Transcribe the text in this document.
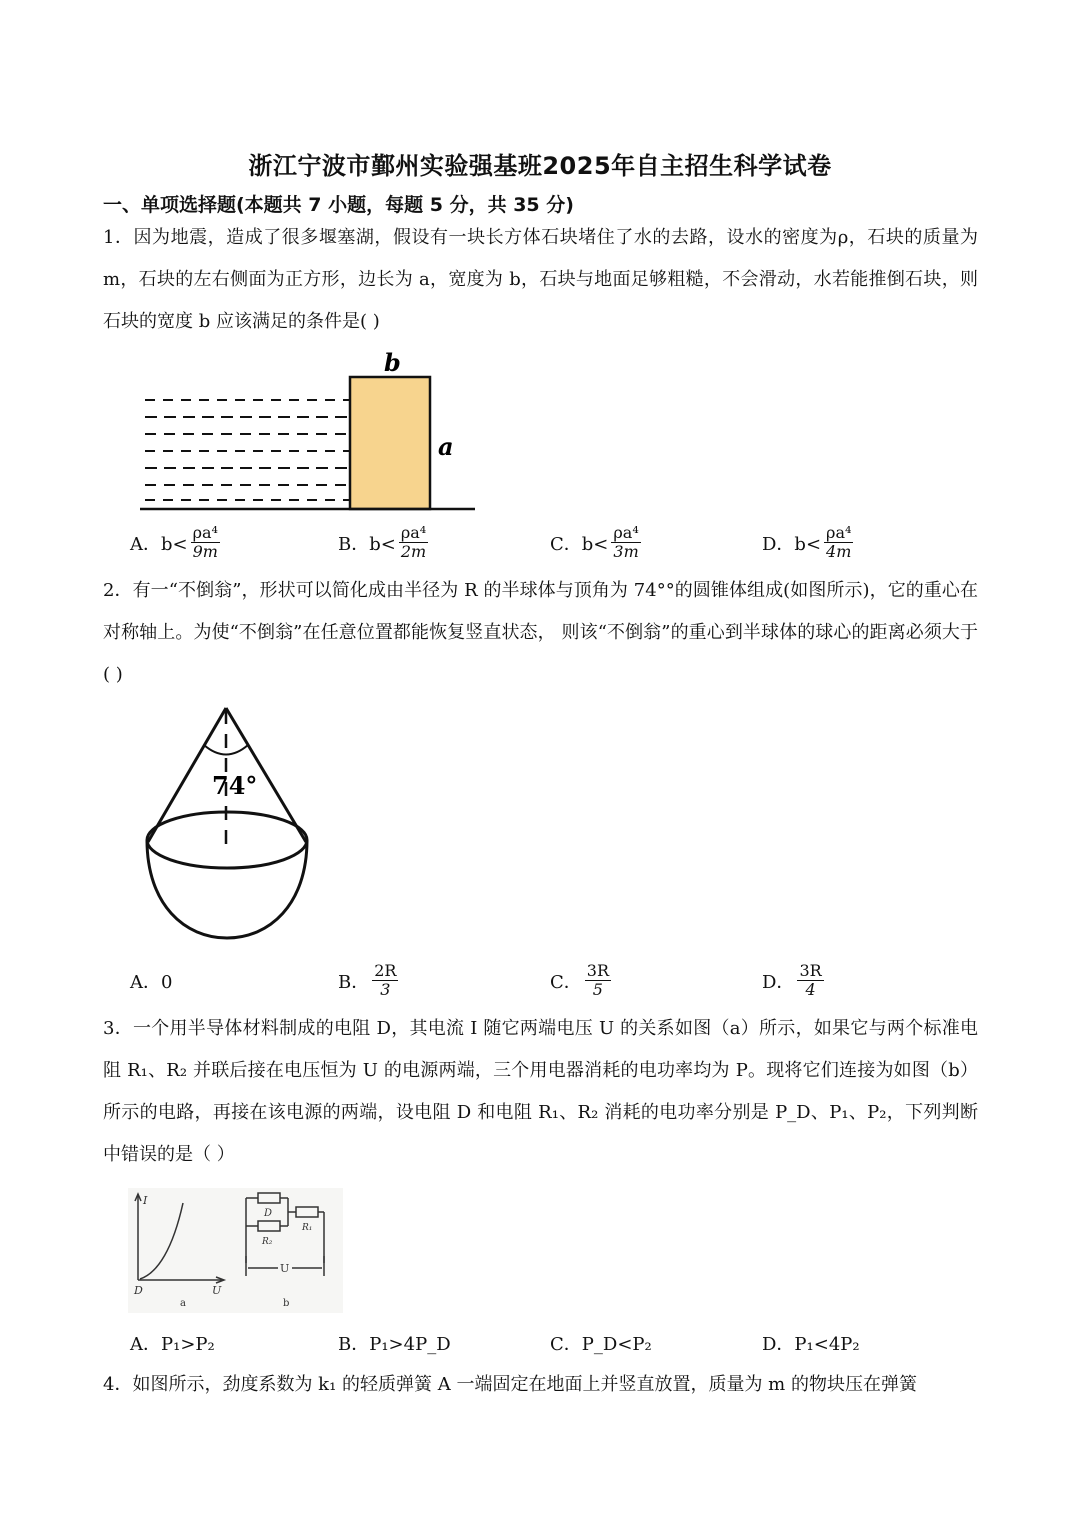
浙江宁波市鄞州实验强基班2025年自主招生科学试卷
一、单项选择题(本题共 7 小题，每题 5 分，共 35 分)
1．因为地震，造成了很多堰塞湖，假设有一块长方体石块堵住了水的去路，设水的密度为ρ，石块的质量为 m，石块的左右侧面为正方形，边长为 a，宽度为 b，石块与地面足够粗糙，不会滑动，水若能推倒石块，则石块的宽度 b 应该满足的条件是( )
b
a
A．$b< \frac{\text{ρa⁴}}{9m}$	B．$b< \frac{\text{ρa⁴}}{2m}$	C．$b< \frac{\text{ρa⁴}}{3m}$	D．$b< \frac{\text{ρa⁴}}{4m}$
2．有一“不倒翁”，形状可以简化成由半径为 R 的半球体与顶角为 74°°的圆锥体组成(如图所示)，它的重心在对称轴上。为使“不倒翁”在任意位置都能恢复竖直状态， 则该“不倒翁”的重心到半球体的球心的距离必须大于( )
74°
A．0	B． $\frac{2R}{3}$	C． $\frac{3R}{5}$	D． $\frac{3R}{4}$
3．一个用半导体材料制成的电阻 D，其电流 I 随它两端电压 U 的关系如图（a）所示，如果它与两个标准电阻 R₁、R₂ 并联后接在电压恒为 U 的电源两端，三个用电器消耗的电功率均为 P。现将它们连接为如图（b）所示的电路，再接在该电源的两端，设电阻 D 和电阻 R₁、R₂ 消耗的电功率分别是 P_D、P₁、P₂，下列判断中错误的是（ ）
I
U
D
a
D
R₁
R₂
U
b
A．P₁>P₂	B．P₁>4P_D	C．P_D<P₂	D．P₁<4P₂
4．如图所示，劲度系数为 k₁ 的轻质弹簧 A 一端固定在地面上并竖直放置，质量为 m 的物块压在弹簧
